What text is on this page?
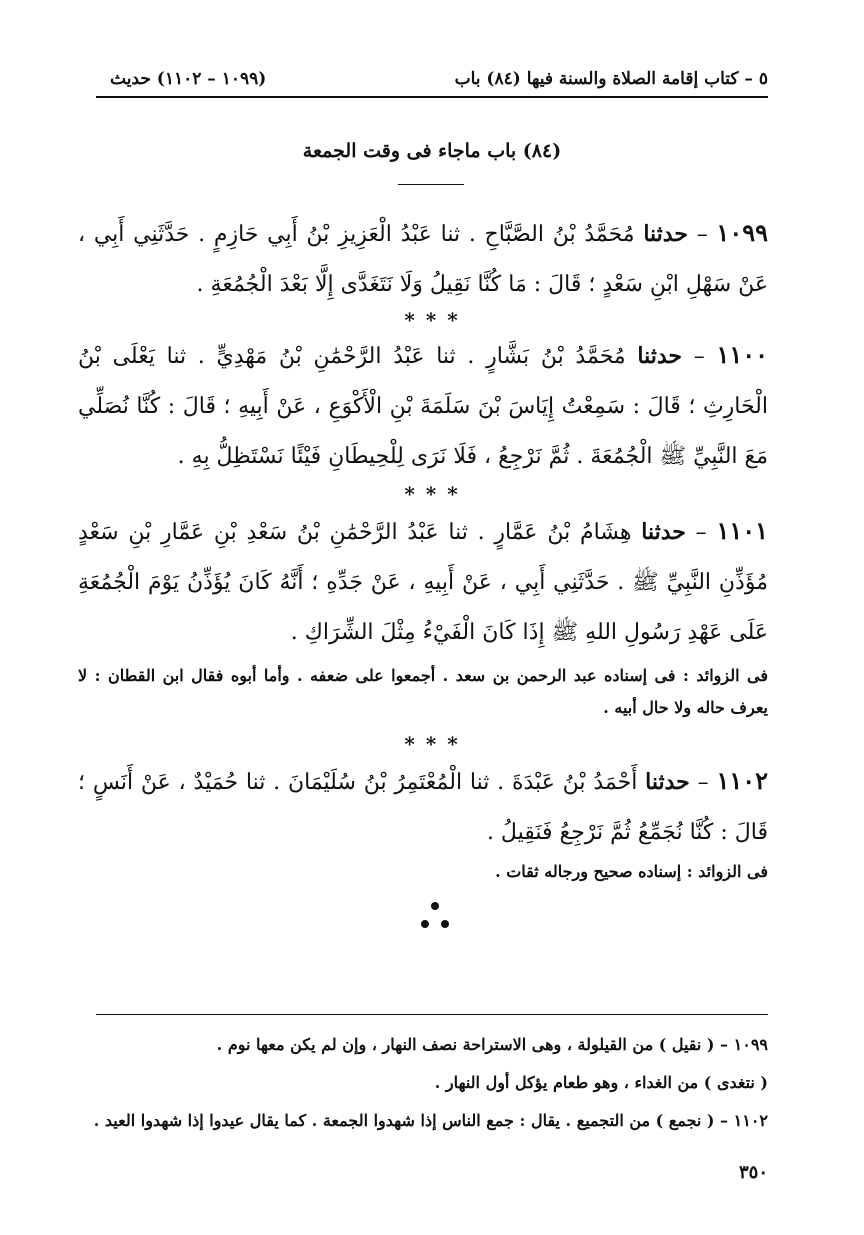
٥ – كتاب إقامة الصلاة والسنة فيها (٨٤) باب
(١٠٩٩ – ١١٠٢) حديث
(٨٤) باب ماجاء فى وقت الجمعة
١٠٩٩ – حدثنا مُحَمَّدُ بْنُ الصَّبَّاحِ . ثنا عَبْدُ الْعَزِيزِ بْنُ أَبِي حَازِمٍ . حَدَّثَنِي أَبِي ، عَنْ سَهْلِ ابْنِ سَعْدٍ ؛ قَالَ : مَا كُنَّا نَقِيلُ وَلَا نَتَغَدَّى إِلَّا بَعْدَ الْجُمُعَةِ .
* * *
١١٠٠ – حدثنا مُحَمَّدُ بْنُ بَشَّارٍ . ثنا عَبْدُ الرَّحْمَٰنِ بْنُ مَهْدِيٍّ . ثنا يَعْلَى بْنُ الْحَارِثِ ؛ قَالَ : سَمِعْتُ إِيَاسَ بْنَ سَلَمَةَ بْنِ الْأَكْوَعِ ، عَنْ أَبِيهِ ؛ قَالَ : كُنَّا نُصَلِّي مَعَ النَّبِيِّ ﷺ الْجُمُعَةَ . ثُمَّ نَرْجِعُ ، فَلَا نَرَى لِلْحِيطَانِ فَيْئًا نَسْتَظِلُّ بِهِ .
* * *
١١٠١ – حدثنا هِشَامُ بْنُ عَمَّارٍ . ثنا عَبْدُ الرَّحْمَٰنِ بْنُ سَعْدِ بْنِ عَمَّارِ بْنِ سَعْدٍ مُؤَذِّنِ النَّبِيِّ ﷺ . حَدَّثَنِي أَبِي ، عَنْ أَبِيهِ ، عَنْ جَدِّهِ ؛ أَنَّهُ كَانَ يُؤَذِّنُ يَوْمَ الْجُمُعَةِ عَلَى عَهْدِ رَسُولِ اللهِ ﷺ إِذَا كَانَ الْفَيْءُ مِثْلَ الشِّرَاكِ .
فى الزوائد : فى إسناده عبد الرحمن بن سعد . أجمعوا على ضعفه . وأما أبوه فقال ابن القطان : لا يعرف حاله ولا حال أبيه .
* * *
١١٠٢ – حدثنا أَحْمَدُ بْنُ عَبْدَةَ . ثنا الْمُعْتَمِرُ بْنُ سُلَيْمَانَ . ثنا حُمَيْدٌ ، عَنْ أَنَسٍ ؛ قَالَ : كُنَّا نُجَمِّعُ ثُمَّ نَرْجِعُ فَنَقِيلُ .
فى الزوائد : إسناده صحيح ورجاله ثقات .
١٠٩٩ – ( نقيل ) من القيلولة ، وهى الاستراحة نصف النهار ، وإن لم يكن معها نوم .
( نتغدى ) من الغداء ، وهو طعام يؤكل أول النهار .
١١٠٢ – ( نجمع ) من التجميع . يقال : جمع الناس إذا شهدوا الجمعة . كما يقال عيدوا إذا شهدوا العيد .
٣٥٠
